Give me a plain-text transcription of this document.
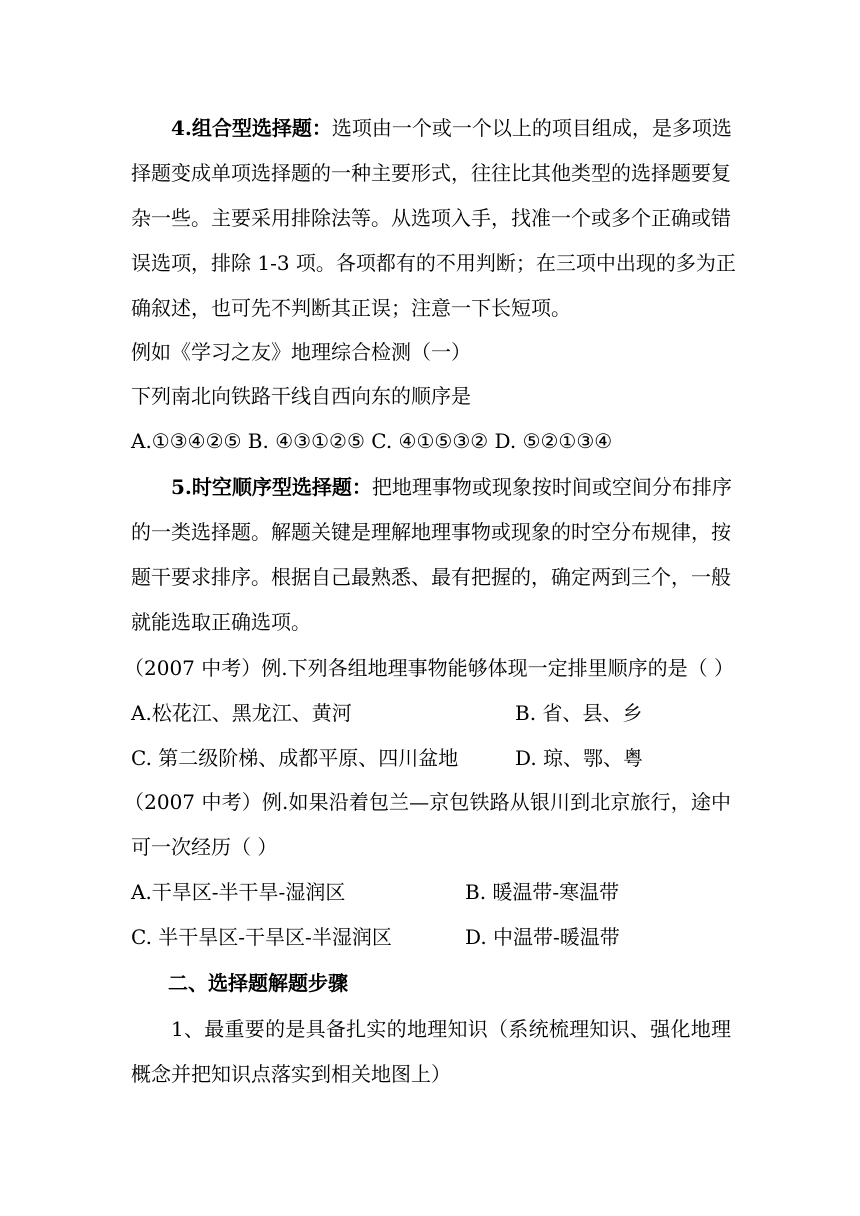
4.组合型选择题：选项由一个或一个以上的项目组成，是多项选
择题变成单项选择题的一种主要形式，往往比其他类型的选择题要复
杂一些。主要采用排除法等。从选项入手，找准一个或多个正确或错
误选项，排除 1-3 项。各项都有的不用判断；在三项中出现的多为正
确叙述，也可先不判断其正误；注意一下长短项。
例如《学习之友》地理综合检测（一）
下列南北向铁路干线自西向东的顺序是
A.①③④②⑤ B. ④③①②⑤ C. ④①⑤③② D. ⑤②①③④
5.时空顺序型选择题：把地理事物或现象按时间或空间分布排序
的一类选择题。解题关键是理解地理事物或现象的时空分布规律，按
题干要求排序。根据自己最熟悉、最有把握的，确定两到三个，一般
就能选取正确选项。
（2007 中考）例.下列各组地理事物能够体现一定排里顺序的是（ ）
A.松花江、黑龙江、黄河	B. 省、县、乡
C. 第二级阶梯、成都平原、四川盆地	D. 琼、鄂、粤
（2007 中考）例.如果沿着包兰—京包铁路从银川到北京旅行，途中
可一次经历（ ）
A.干旱区-半干旱-湿润区	B. 暖温带-寒温带
C. 半干旱区-干旱区-半湿润区	D. 中温带-暖温带
二、选择题解题步骤
1、最重要的是具备扎实的地理知识（系统梳理知识、强化地理
概念并把知识点落实到相关地图上）
